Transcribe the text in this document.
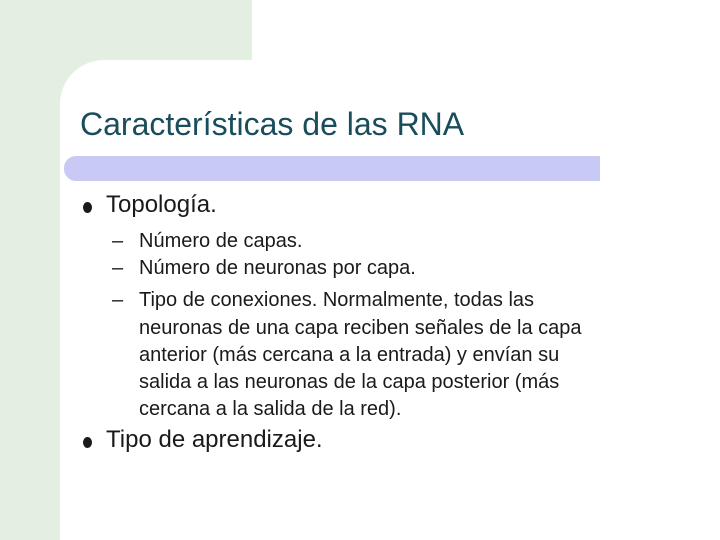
Características de las RNA

Topología.

– Número de capas.

– Número de neuronas por capa.

– Tipo de conexiones. Normalmente, todas las

neuronas de una capa reciben señales de la capa

anterior (más cercana a la entrada) y envían su

salida a las neuronas de la capa posterior (más

cercana a la salida de la red).

Tipo de aprendizaje.
